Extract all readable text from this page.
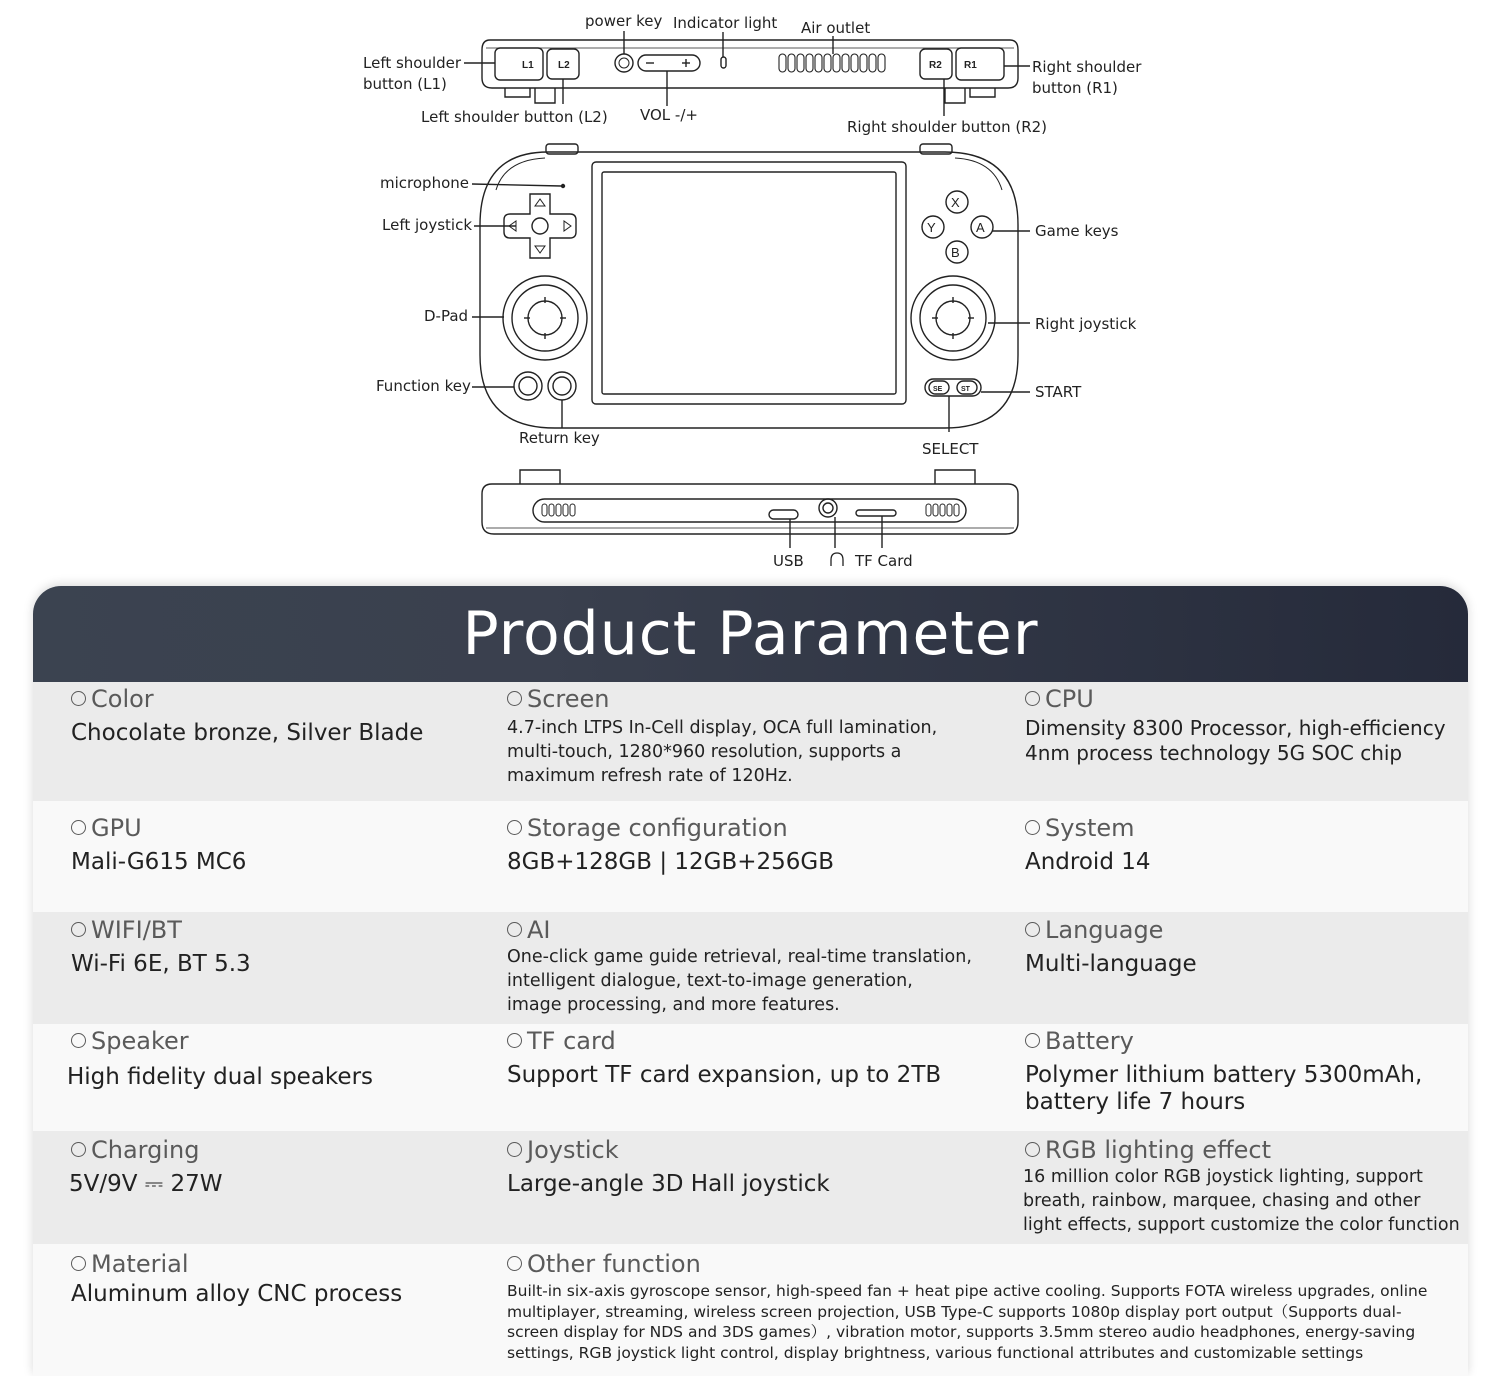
L1 L2	R2 R1
X
Y	A
B
SE	ST
power key Indicator light Air outlet
Left shoulder
button (L1)
Right shoulder
button (R1)
Left shoulder button (L2) VOL -/+
Right shoulder button (R2)
microphone
Left joystick
D-Pad
Function key
Return key
Game keys
Right joystick
START
SELECT
USB	TF Card
Product Parameter
Color
Chocolate bronze, Silver Blade
Screen
4.7-inch LTPS In-Cell display, OCA full lamination,
multi-touch, 1280*960 resolution, supports a
maximum refresh rate of 120Hz.
CPU
Dimensity 8300 Processor, high-efficiency
4nm process technology 5G SOC chip
GPU
Mali-G615 MC6
Storage configuration
8GB+128GB | 12GB+256GB
System
Android 14
WIFI/BT
Wi-Fi 6E, BT 5.3
AI
One-click game guide retrieval, real-time translation,
intelligent dialogue, text-to-image generation,
image processing, and more features.
Language
Multi-language
Speaker
High fidelity dual speakers
TF card
Support TF card expansion, up to 2TB
Battery
Polymer lithium battery 5300mAh,
battery life 7 hours
Charging
5V/9V ⎓ 27W
Joystick
Large-angle 3D Hall joystick
RGB lighting effect
16 million color RGB joystick lighting, support
breath, rainbow, marquee, chasing and other
light effects, support customize the color function
Material
Aluminum alloy CNC process
Other function
Built-in six-axis gyroscope sensor, high-speed fan + heat pipe active cooling. Supports FOTA wireless upgrades, online
multiplayer, streaming, wireless screen projection, USB Type-C supports 1080p display port output（Supports dual-
screen display for NDS and 3DS games）, vibration motor, supports 3.5mm stereo audio headphones, energy-saving
settings, RGB joystick light control, display brightness, various functional attributes and customizable settings
